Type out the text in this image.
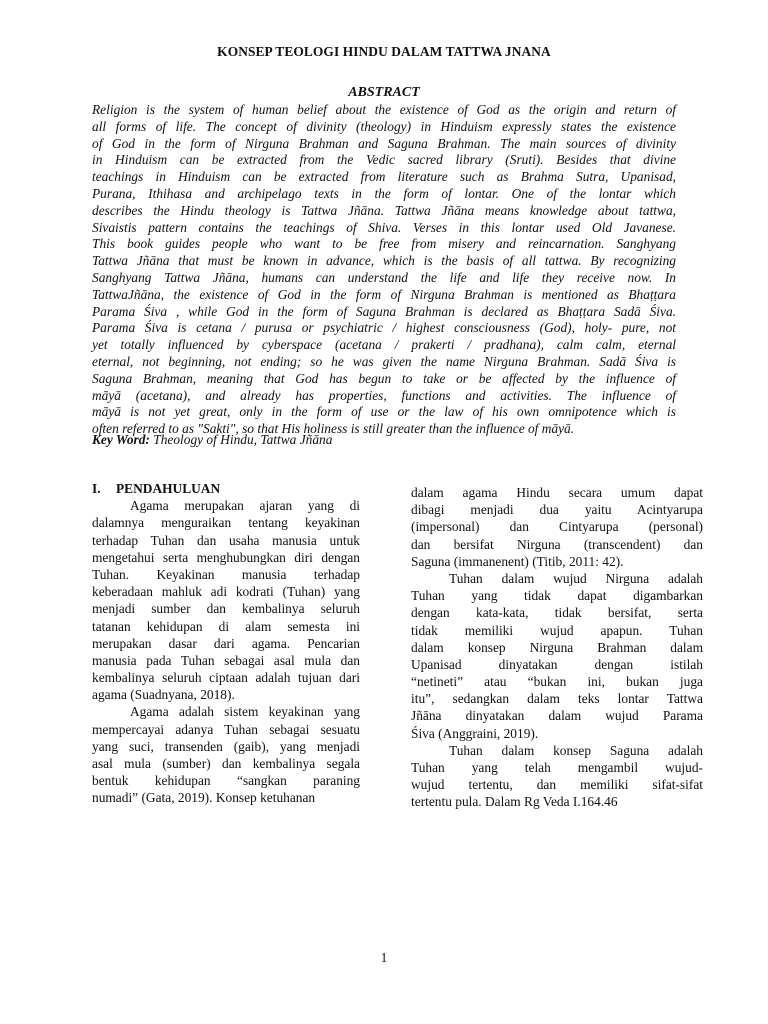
KONSEP TEOLOGI HINDU DALAM TATTWA JNANA
ABSTRACT
Religion is the system of human belief about the existence of God as the origin and return of
all forms of life. The concept of divinity (theology) in Hinduism expressly states the existence
of God in the form of Nirguna Brahman and Saguna Brahman. The main sources of divinity
in Hinduism can be extracted from the Vedic sacred library (Sruti). Besides that divine
teachings in Hinduism can be extracted from literature such as Brahma Sutra, Upanisad,
Purana, Ithihasa and archipelago texts in the form of lontar. One of the lontar which
describes the Hindu theology is Tattwa Jñāna. Tattwa Jñāna means knowledge about tattwa,
Sivaistis pattern contains the teachings of Shiva. Verses in this lontar used Old Javanese.
This book guides people who want to be free from misery and reincarnation. Sanghyang
Tattwa Jñāna that must be known in advance, which is the basis of all tattwa. By recognizing
Sanghyang Tattwa Jñāna, humans can understand the life and life they receive now. In
TattwaJñāna, the existence of God in the form of Nirguna Brahman is mentioned as Bhaṭṭara
Parama Śiva , while God in the form of Saguna Brahman is declared as Bhaṭṭara Sadā Śiva.
Parama Śiva is cetana / purusa or psychiatric / highest consciousness (God), holy- pure, not
yet totally influenced by cyberspace (acetana / prakerti / pradhana), calm calm, eternal
eternal, not beginning, not ending; so he was given the name Nirguna Brahman. Sadā Śiva is
Saguna Brahman, meaning that God has begun to take or be affected by the influence of
māyā (acetana), and already has properties, functions and activities. The influence of
māyā is not yet great, only in the form of use or the law of his own omnipotence which is
often referred to as "Sakti", so that His holiness is still greater than the influence of māyā.
Key Word: Theology of Hindu, Tattwa Jñāna
I. PENDAHULUAN
Agama merupakan ajaran yang di
dalamnya menguraikan tentang keyakinan
terhadap Tuhan dan usaha manusia untuk
mengetahui serta menghubungkan diri dengan
Tuhan. Keyakinan manusia terhadap
keberadaan mahluk adi kodrati (Tuhan) yang
menjadi sumber dan kembalinya seluruh
tatanan kehidupan di alam semesta ini
merupakan dasar dari agama. Pencarian
manusia pada Tuhan sebagai asal mula dan
kembalinya seluruh ciptaan adalah tujuan dari
agama (Suadnyana, 2018).
Agama adalah sistem keyakinan yang
mempercayai adanya Tuhan sebagai sesuatu
yang suci, transenden (gaib), yang menjadi
asal mula (sumber) dan kembalinya segala
bentuk kehidupan “sangkan paraning
numadi” (Gata, 2019). Konsep ketuhanan
dalam agama Hindu secara umum dapat
dibagi menjadi dua yaitu Acintyarupa
(impersonal) dan Cintyarupa (personal)
dan bersifat Nirguna (transcendent) dan
Saguna (immanenent) (Titib, 2011: 42).
Tuhan dalam wujud Nirguna adalah
Tuhan yang tidak dapat digambarkan
dengan kata-kata, tidak bersifat, serta
tidak memiliki wujud apapun. Tuhan
dalam konsep Nirguna Brahman dalam
Upanisad dinyatakan dengan istilah
“netineti” atau “bukan ini, bukan juga
itu”, sedangkan dalam teks lontar Tattwa
Jñāna dinyatakan dalam wujud Parama
Śiva (Anggraini, 2019).
Tuhan dalam konsep Saguna adalah
Tuhan yang telah mengambil wujud-
wujud tertentu, dan memiliki sifat-sifat
tertentu pula. Dalam Rg Veda I.164.46
1
